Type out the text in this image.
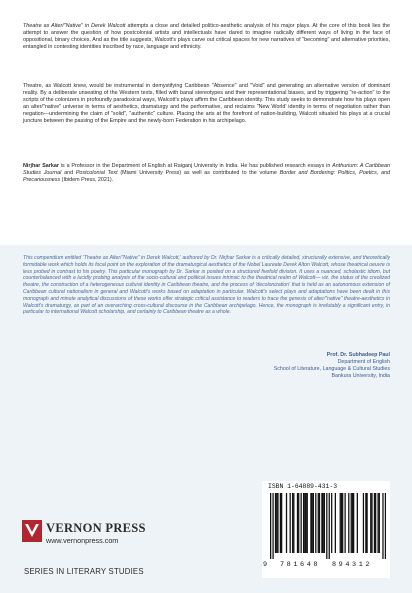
Theatre as Alter/"Native" in Derek Walcott attempts a close and detailed politico-aesthetic analysis of his major plays. At the core of this book lies the attempt to answer the question of how postcolonial artists and intellectuals have dared to imagine radically different ways of living in the face of oppositional, binary choices. And as the title suggests, Walcott's plays carve out critical spaces for new narratives of "becoming" and alternative priorities, entangled in contesting identities inscribed by race, language and ethnicity.

Theatre, as Walcott knew, would be instrumental in demystifying Caribbean "Absence" and "Void" and generating an alternative version of dominant reality. By a deliberate unseating of the Western texts, filled with banal stereotypes and their representational biases, and by triggering "re-action" to the scripts of the colonizers in profoundly paradoxical ways, Walcott's plays affirm the Caribbean identity. This study seeks to demonstrate how his plays open an alter/"native" universe in terms of aesthetics, dramaturgy and the performative, and reclaims "New World' identity in terms of negotiation rather than negation—undermining the claim of "solid", "authentic" culture. Placing the arts at the forefront of nation-building, Walcott situated his plays at a crucial juncture between the passing of the Empire and the newly-born Federation in his archipelago.

Nirjhar Sarkar is a Professor in the Department of English at Raiganj University in India. He has published research essays in Anthurium: A Caribbean Studies Journal and Postcolonial Text (Miami University Press) as well as contributed to the volume Border and Bordering: Politics, Poetics, and Precariousness (Ibidem Press, 2021).

This compendium entitled 'Theatre as Alter/"Native" in Derek Walcott,' authored by Dr. Nirjhar Sarkar is a critically detailed, structurally extensive, and theoretically formidable work which holds its focal point on the exploration of the dramaturgical aesthetics of the Nobel Laureate Derek Alton Walcott, whose theatrical oeuvre is less probed in contrast to his poetry. This particular monograph by Dr. Sarkar is posited on a structured fivefold division. It uses a nuanced, scholastic idiom, but counterbalanced with a lucidly probing analysis of the socio-cultural and political issues intrinsic to the theatrical realm of Walcott— viz. the status of the creolized theatre, the construction of a heterogeneous cultural identity in Caribbean theatre, and the process of 'decolonization' that is held as an autonomous extension of Caribbean cultural nationalism in general and Walcott's works based on adaptation in particular. Walcott's select plays and adaptations have been dealt in this monograph and minute analytical discussions of these works offer strategic critical assistance to readers to trace the genesis of alter/"native" theatre-aesthetics in Walcott's dramaturgy, as part of an overarching cross-cultural discourse in the Caribbean archipelago. Hence, the monograph is irrefutably a significant entry, in particular to international Walcott scholarship, and certainly to Caribbean theatre as a whole.

Prof. Dr. Subhadeep Paul
Department of English
School of Literature, Language & Cultural Studies
Bankura University, India
VERNON PRESS
www.vernonpress.com
SERIES IN LITERARY STUDIES
ISBN 1-64889-431-3
9 781648 894312
